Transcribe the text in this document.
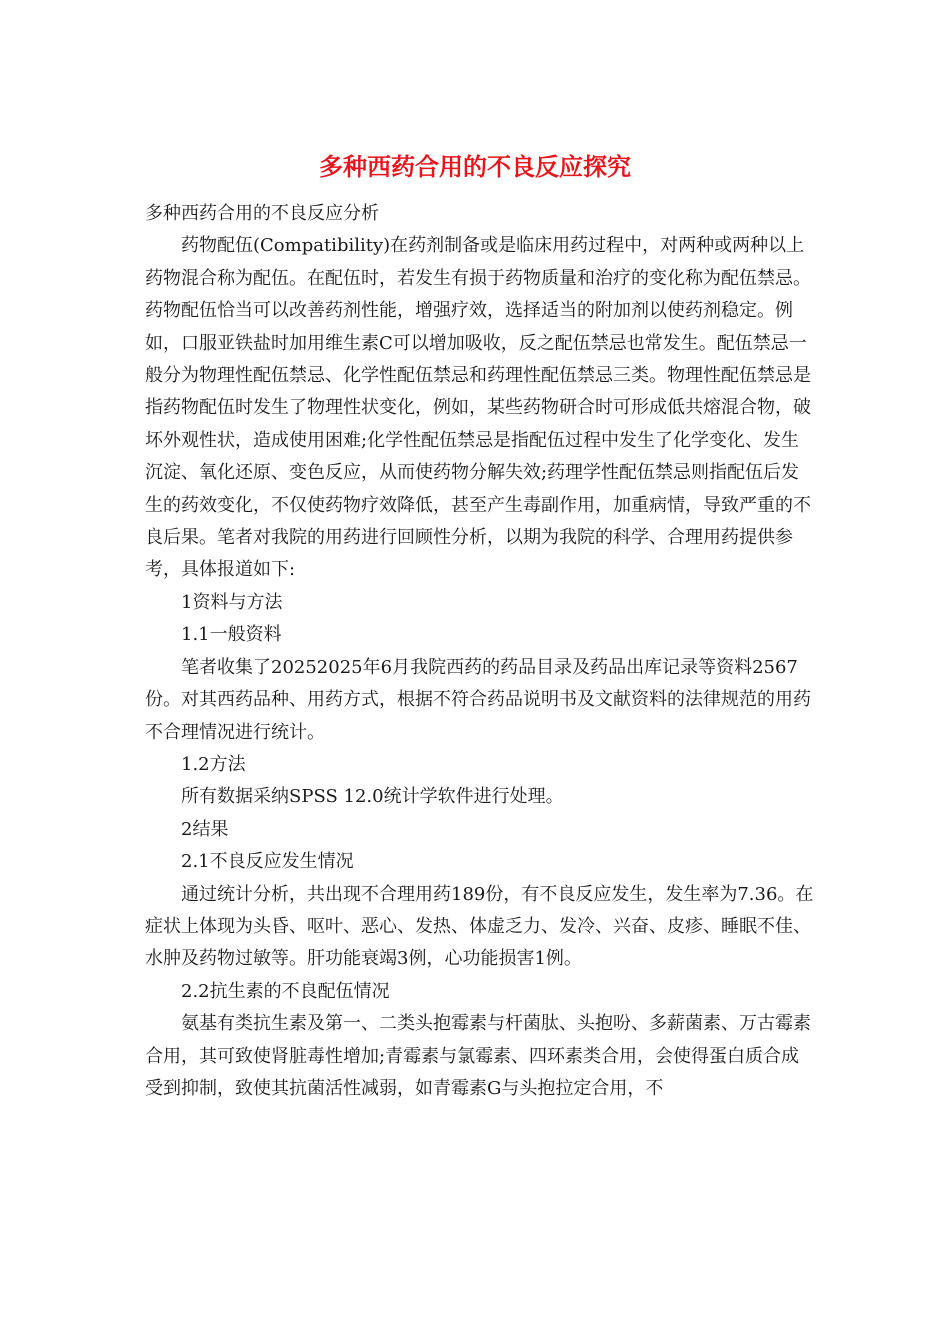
多种西药合用的不良反应探究

多种西药合用的不良反应分析

药物配伍(Compatibility)在药剂制备或是临床用药过程中，对两种或两种以上药物混合称为配伍。在配伍时，若发生有损于药物质量和治疗的变化称为配伍禁忌。药物配伍恰当可以改善药剂性能，增强疗效，选择适当的附加剂以使药剂稳定。例如，口服亚铁盐时加用维生素C可以增加吸收，反之配伍禁忌也常发生。配伍禁忌一般分为物理性配伍禁忌、化学性配伍禁忌和药理性配伍禁忌三类。物理性配伍禁忌是指药物配伍时发生了物理性状变化，例如，某些药物研合时可形成低共熔混合物，破坏外观性状，造成使用困难;化学性配伍禁忌是指配伍过程中发生了化学变化、发生沉淀、氧化还原、变色反应，从而使药物分解失效;药理学性配伍禁忌则指配伍后发生的药效变化，不仅使药物疗效降低，甚至产生毒副作用，加重病情，导致严重的不良后果。笔者对我院的用药进行回顾性分析，以期为我院的科学、合理用药提供参考，具体报道如下:

1资料与方法

1.1一般资料

笔者收集了20252025年6月我院西药的药品目录及药品出库记录等资料2567份。对其西药品种、用药方式，根据不符合药品说明书及文献资料的法律规范的用药不合理情况进行统计。

1.2方法

所有数据采纳SPSS 12.0统计学软件进行处理。

2结果

2.1不良反应发生情况

通过统计分析，共出现不合理用药189份，有不良反应发生，发生率为7.36。在症状上体现为头昏、呕叶、恶心、发热、体虚乏力、发冷、兴奋、皮疹、睡眠不佳、水肿及药物过敏等。肝功能衰竭3例，心功能损害1例。

2.2抗生素的不良配伍情况

氨基有类抗生素及第一、二类头抱霉素与杆菌肽、头抱吩、多薪菌素、万古霉素合用，其可致使肾脏毒性增加;青霉素与氯霉素、四环素类合用，会使得蛋白质合成受到抑制，致使其抗菌活性减弱，如青霉素G与头抱拉定合用，不
